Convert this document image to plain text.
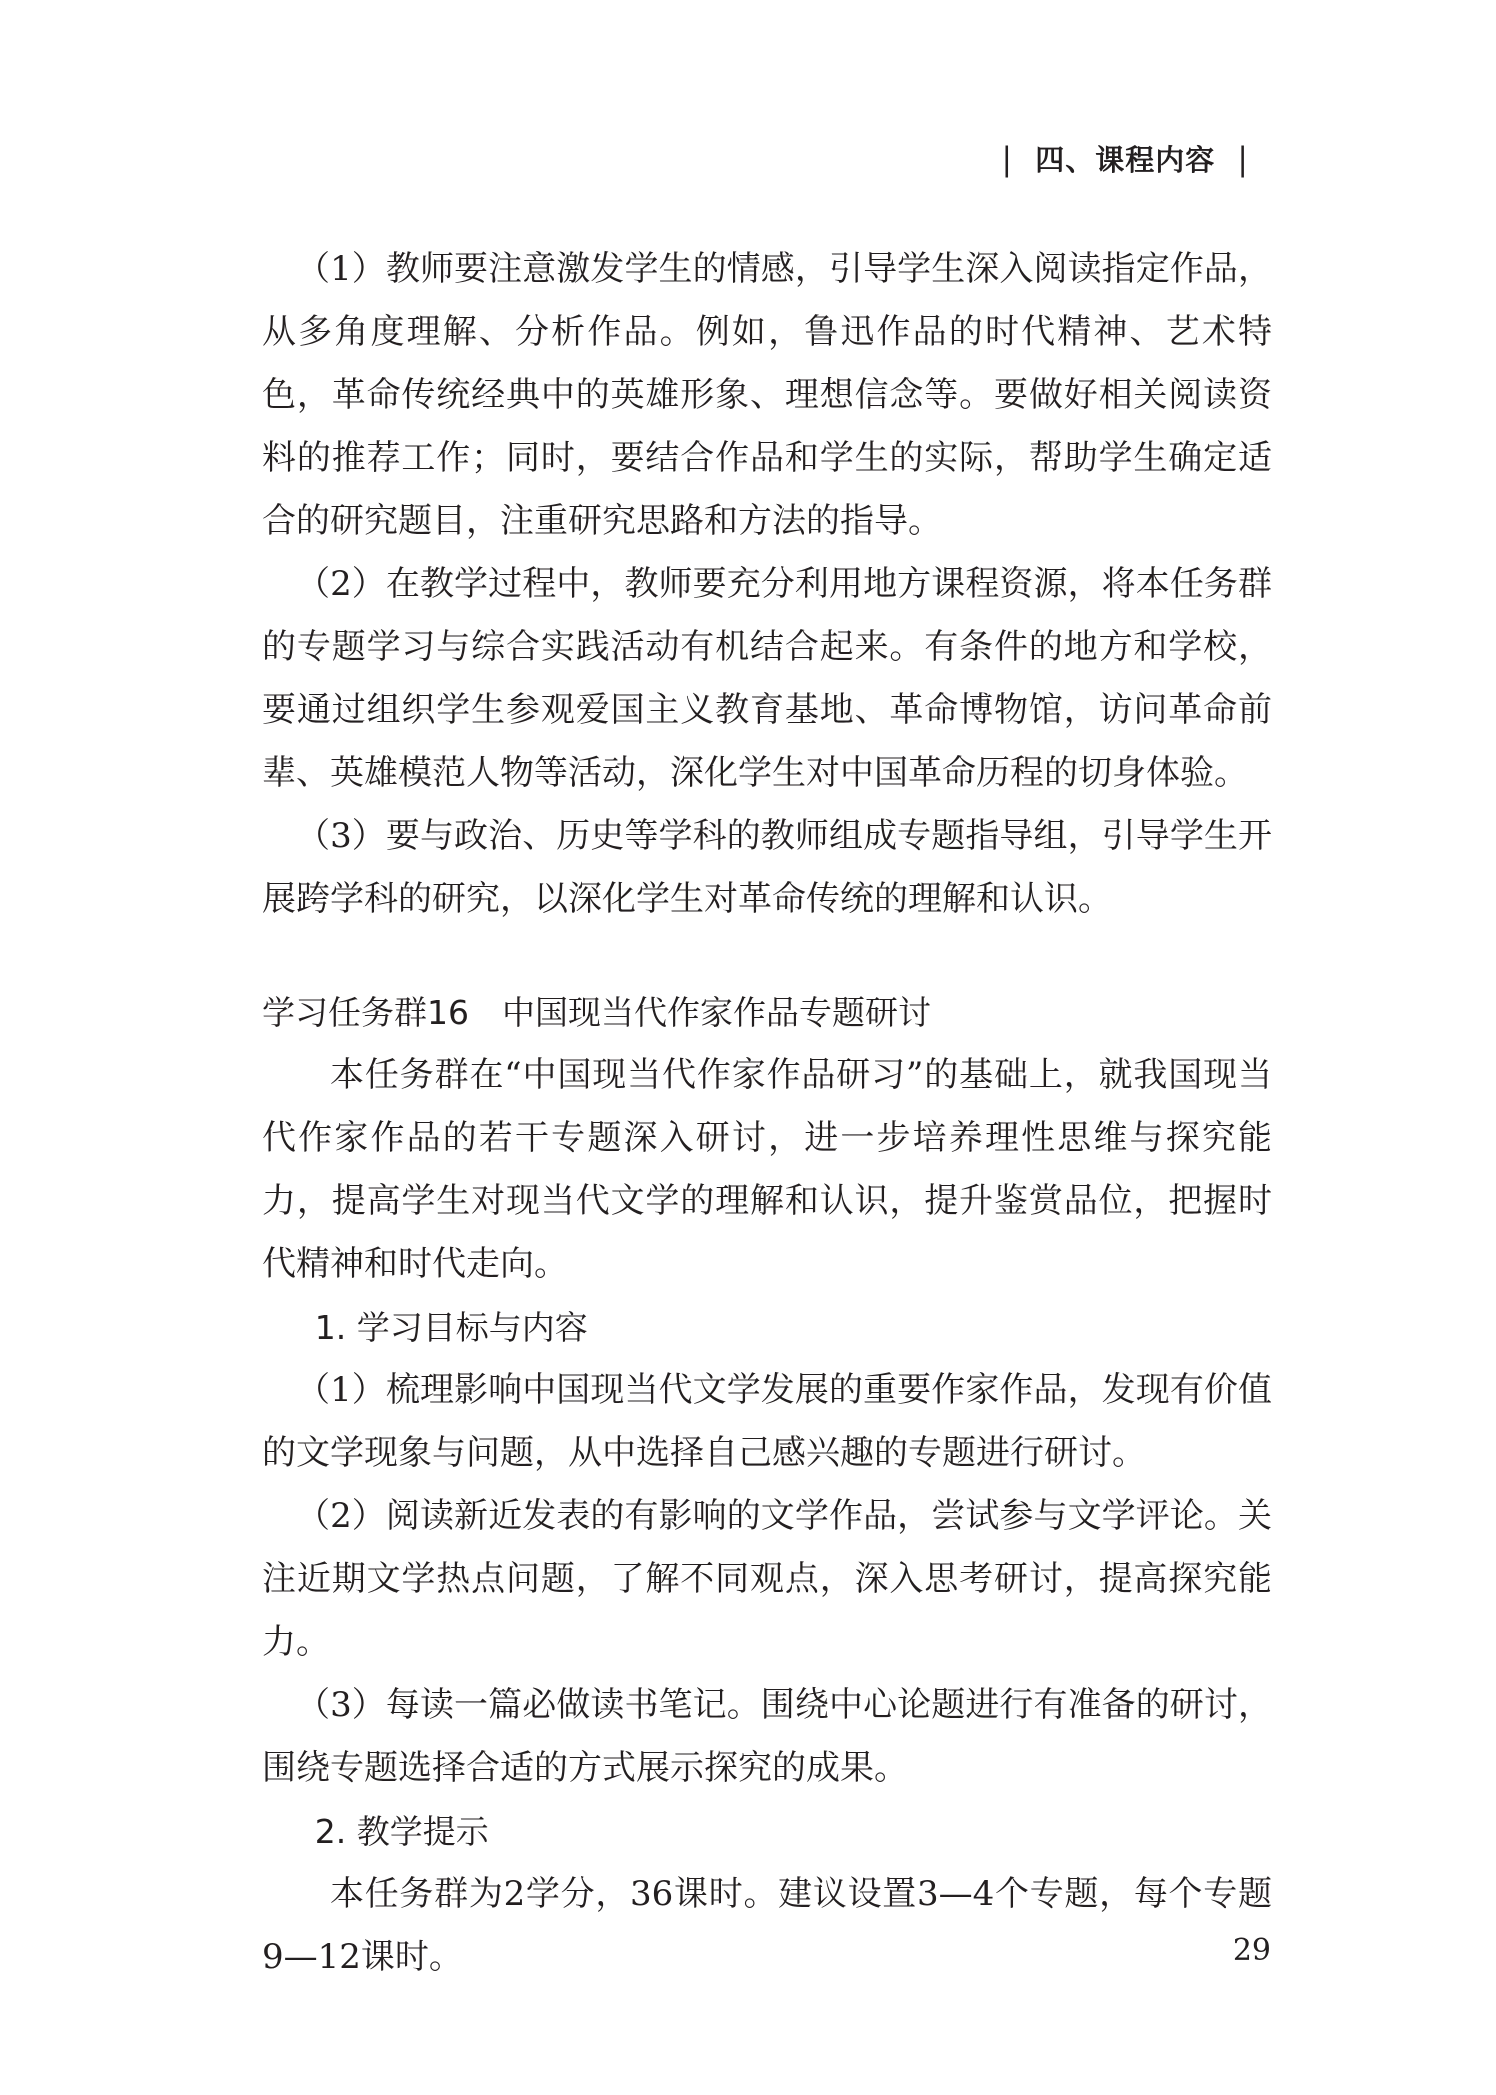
| 四、课程内容 |

（1）教师要注意激发学生的情感，引导学生深入阅读指定作品，从多角度理解、分析作品。例如，鲁迅作品的时代精神、艺术特色，革命传统经典中的英雄形象、理想信念等。要做好相关阅读资料的推荐工作；同时，要结合作品和学生的实际，帮助学生确定适合的研究题目，注重研究思路和方法的指导。

（2）在教学过程中，教师要充分利用地方课程资源，将本任务群的专题学习与综合实践活动有机结合起来。有条件的地方和学校，要通过组织学生参观爱国主义教育基地、革命博物馆，访问革命前辈、英雄模范人物等活动，深化学生对中国革命历程的切身体验。

（3）要与政治、历史等学科的教师组成专题指导组，引导学生开展跨学科的研究，以深化学生对革命传统的理解和认识。

学习任务群16　中国现当代作家作品专题研讨

本任务群在“中国现当代作家作品研习”的基础上，就我国现当代作家作品的若干专题深入研讨，进一步培养理性思维与探究能力，提高学生对现当代文学的理解和认识，提升鉴赏品位，把握时代精神和时代走向。

1. 学习目标与内容

（1）梳理影响中国现当代文学发展的重要作家作品，发现有价值的文学现象与问题，从中选择自己感兴趣的专题进行研讨。

（2）阅读新近发表的有影响的文学作品，尝试参与文学评论。关注近期文学热点问题，了解不同观点，深入思考研讨，提高探究能力。

（3）每读一篇必做读书笔记。围绕中心论题进行有准备的研讨，围绕专题选择合适的方式展示探究的成果。

2. 教学提示

本任务群为2学分，36课时。建议设置3—4个专题，每个专题9—12课时。	29
